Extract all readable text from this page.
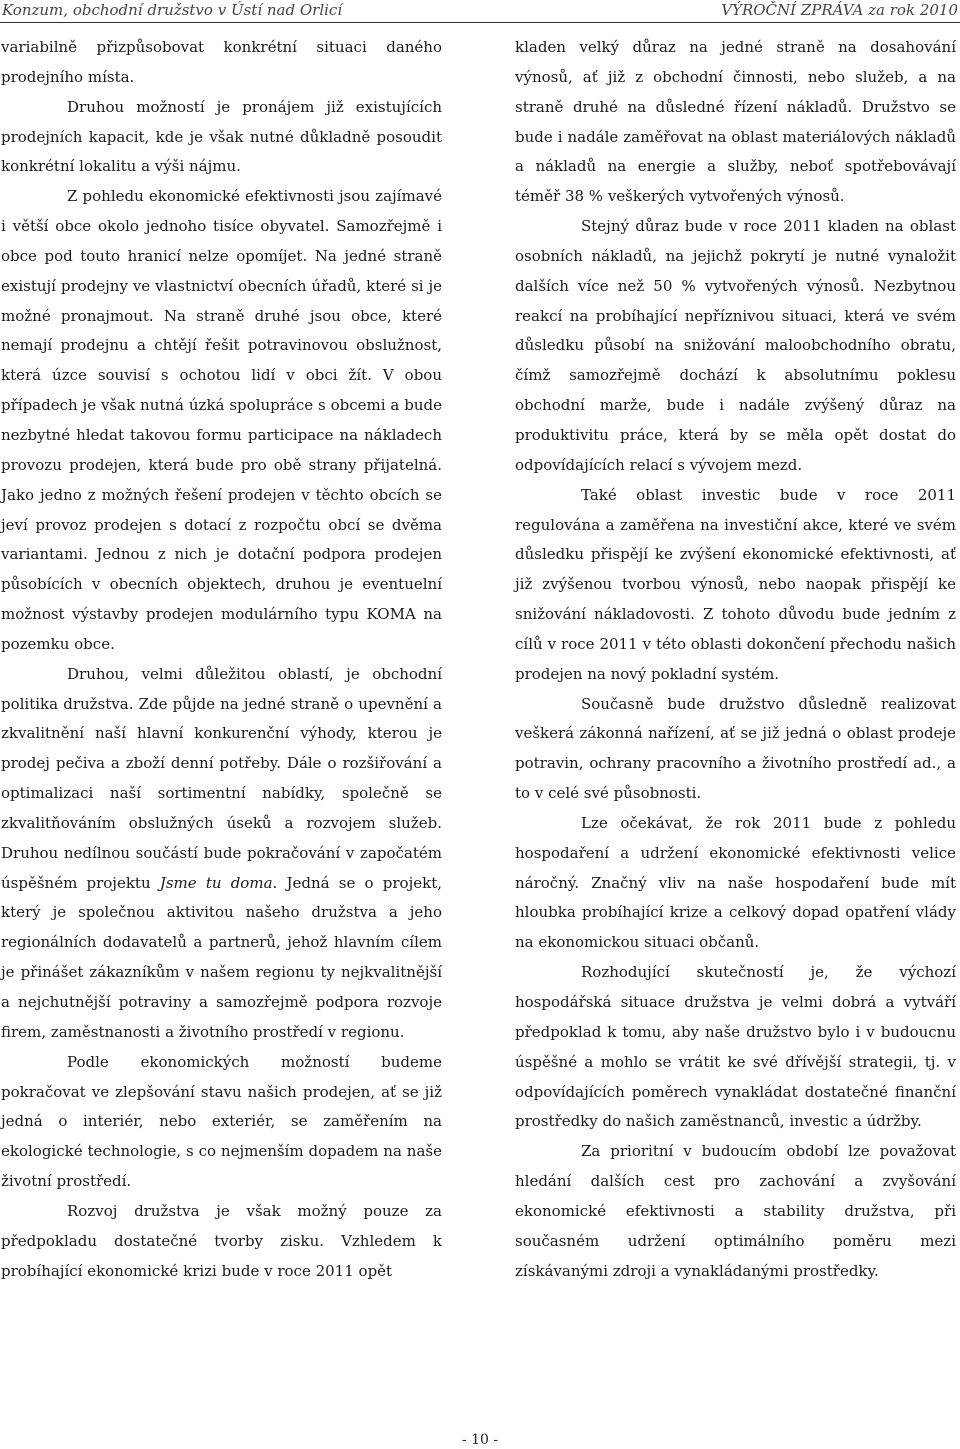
Konzum, obchodní družstvo v Ústí nad Orlicí	VÝROČNÍ ZPRÁVA za rok 2010

variabilně přizpůsobovat konkrétní situaci daného prodejního místa.

Druhou možností je pronájem již existujících prodejních kapacit, kde je však nutné důkladně posoudit konkrétní lokalitu a výši nájmu.

Z pohledu ekonomické efektivnosti jsou zajímavé i větší obce okolo jednoho tisíce obyvatel. Samozřejmě i obce pod touto hranicí nelze opomíjet. Na jedné straně existují prodejny ve vlastnictví obecních úřadů, které si je možné pronajmout. Na straně druhé jsou obce, které nemají prodejnu a chtějí řešit potravinovou obslužnost, která úzce souvisí s ochotou lidí v obci žít. V obou případech je však nutná úzká spolupráce s obcemi a bude nezbytné hledat takovou formu participace na nákladech provozu prodejen, která bude pro obě strany přijatelná. Jako jedno z možných řešení prodejen v těchto obcích se jeví provoz prodejen s dotací z rozpočtu obcí se dvěma variantami. Jednou z nich je dotační podpora prodejen působících v obecních objektech, druhou je eventuelní možnost výstavby prodejen modulárního typu KOMA na pozemku obce.

Druhou, velmi důležitou oblastí, je obchodní politika družstva. Zde půjde na jedné straně o upevnění a zkvalitnění naší hlavní konkurenční výhody, kterou je prodej pečiva a zboží denní potřeby. Dále o rozšiřování a optimalizaci naší sortimentní nabídky, společně se zkvalitňováním obslužných úseků a rozvojem služeb. Druhou nedílnou součástí bude pokračování v započatém úspěšném projektu Jsme tu doma. Jedná se o projekt, který je společnou aktivitou našeho družstva a jeho regionálních dodavatelů a partnerů, jehož hlavním cílem je přinášet zákazníkům v našem regionu ty nejkvalitnější a nejchutnější potraviny a samozřejmě podpora rozvoje firem, zaměstnanosti a životního prostředí v regionu.

Podle ekonomických možností budeme pokračovat ve zlepšování stavu našich prodejen, ať se již jedná o interiér, nebo exteriér, se zaměřením na ekologické technologie, s co nejmenším dopadem na naše životní prostředí.

Rozvoj družstva je však možný pouze za předpokladu dostatečné tvorby zisku. Vzhledem k probíhající ekonomické krizi bude v roce 2011 opět

kladen velký důraz na jedné straně na dosahování výnosů, ať již z obchodní činnosti, nebo služeb, a na straně druhé na důsledné řízení nákladů. Družstvo se bude i nadále zaměřovat na oblast materiálových nákladů a nákladů na energie a služby, neboť spotřebovávají téměř 38 % veškerých vytvořených výnosů.

Stejný důraz bude v roce 2011 kladen na oblast osobních nákladů, na jejichž pokrytí je nutné vynaložit dalších více než 50 % vytvořených výnosů. Nezbytnou reakcí na probíhající nepříznivou situaci, která ve svém důsledku působí na snižování maloobchodního obratu, čímž samozřejmě dochází k absolutnímu poklesu obchodní marže, bude i nadále zvýšený důraz na produktivitu práce, která by se měla opět dostat do odpovídajících relací s vývojem mezd.

Také oblast investic bude v roce 2011 regulována a zaměřena na investiční akce, které ve svém důsledku přispějí ke zvýšení ekonomické efektivnosti, ať již zvýšenou tvorbou výnosů, nebo naopak přispějí ke snižování nákladovosti. Z tohoto důvodu bude jedním z cílů v roce 2011 v této oblasti dokončení přechodu našich prodejen na nový pokladní systém.

Současně bude družstvo důsledně realizovat veškerá zákonná nařízení, ať se již jedná o oblast prodeje potravin, ochrany pracovního a životního prostředí ad., a to v celé své působnosti.

Lze očekávat, že rok 2011 bude z pohledu hospodaření a udržení ekonomické efektivnosti velice náročný. Značný vliv na naše hospodaření bude mít hloubka probíhající krize a celkový dopad opatření vlády na ekonomickou situaci občanů.

Rozhodující skutečností je, že výchozí hospodářská situace družstva je velmi dobrá a vytváří předpoklad k tomu, aby naše družstvo bylo i v budoucnu úspěšné a mohlo se vrátit ke své dřívější strategii, tj. v odpovídajících poměrech vynakládat dostatečné finanční prostředky do našich zaměstnanců, investic a údržby.

Za prioritní v budoucím období lze považovat hledání dalších cest pro zachování a zvyšování ekonomické efektivnosti a stability družstva, při současném udržení optimálního poměru mezi získávanými zdroji a vynakládanými prostředky.

- 10 -
